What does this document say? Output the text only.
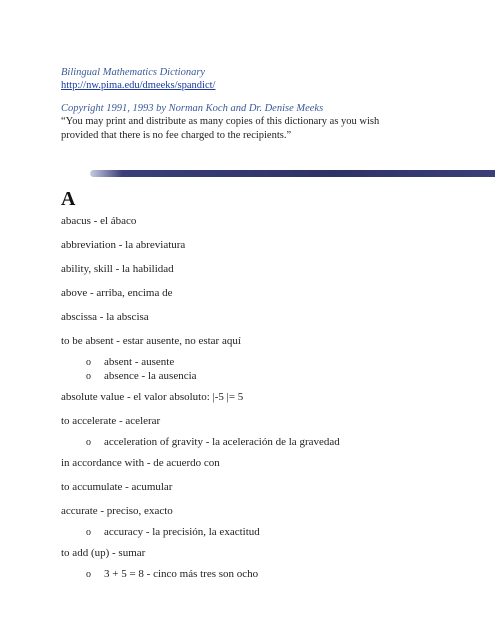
Bilingual Mathematics Dictionary
http://nw.pima.edu/dmeeks/spandict/
Copyright 1991, 1993 by Norman Koch and Dr. Denise Meeks
“You may print and distribute as many copies of this dictionary as you wish
provided that there is no fee charged to the recipients.”
A
abacus - el ábaco
abbreviation - la abreviatura
ability, skill - la habilidad
above - arriba, encima de
abscissa - la abscisa
to be absent - estar ausente, no estar aquí
o absent - ausente
o absence - la ausencia
absolute value - el valor absoluto: |-5 |= 5
to accelerate - acelerar
o acceleration of gravity - la aceleración de la gravedad
in accordance with - de acuerdo con
to accumulate - acumular
accurate - preciso, exacto
o accuracy - la precisión, la exactitud
to add (up) - sumar
o 3 + 5 = 8 - cinco más tres son ocho
